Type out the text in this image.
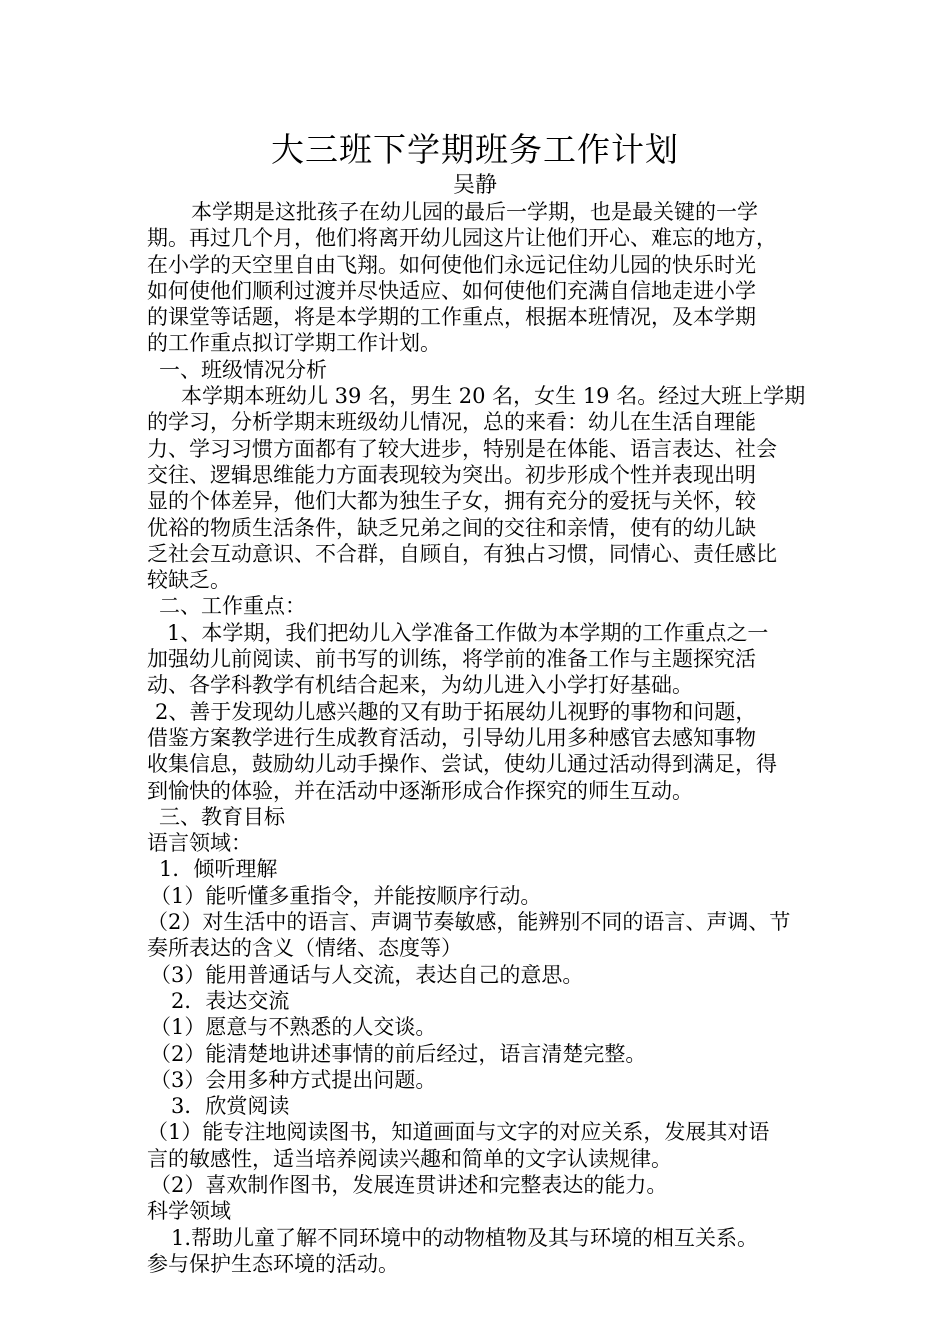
大三班下学期班务工作计划
吴静
本学期是这批孩子在幼儿园的最后一学期，也是最关键的一学
期。再过几个月，他们将离开幼儿园这片让他们开心、难忘的地方，
在小学的天空里自由飞翔。如何使他们永远记住幼儿园的快乐时光
如何使他们顺利过渡并尽快适应、如何使他们充满自信地走进小学
的课堂等话题，将是本学期的工作重点，根据本班情况，及本学期
的工作重点拟订学期工作计划。
一、班级情况分析
本学期本班幼儿 39 名，男生 20 名，女生 19 名。经过大班上学期
的学习，分析学期末班级幼儿情况，总的来看：幼儿在生活自理能
力、学习习惯方面都有了较大进步，特别是在体能、语言表达、社会
交往、逻辑思维能力方面表现较为突出。初步形成个性并表现出明
显的个体差异，他们大都为独生子女，拥有充分的爱抚与关怀，较
优裕的物质生活条件，缺乏兄弟之间的交往和亲情，使有的幼儿缺
乏社会互动意识、不合群，自顾自，有独占习惯，同情心、责任感比
较缺乏。
二、工作重点：
1、本学期，我们把幼儿入学准备工作做为本学期的工作重点之一
加强幼儿前阅读、前书写的训练，将学前的准备工作与主题探究活
动、各学科教学有机结合起来，为幼儿进入小学打好基础。
2、善于发现幼儿感兴趣的又有助于拓展幼儿视野的事物和问题，
借鉴方案教学进行生成教育活动，引导幼儿用多种感官去感知事物
收集信息，鼓励幼儿动手操作、尝试，使幼儿通过活动得到满足，得
到愉快的体验，并在活动中逐渐形成合作探究的师生互动。
三、教育目标
语言领域：
1．倾听理解
（1）能听懂多重指令，并能按顺序行动。
（2）对生活中的语言、声调节奏敏感，能辨别不同的语言、声调、节
奏所表达的含义（情绪、态度等）
（3）能用普通话与人交流，表达自己的意思。
2．表达交流
（1）愿意与不熟悉的人交谈。
（2）能清楚地讲述事情的前后经过，语言清楚完整。
（3）会用多种方式提出问题。
3．欣赏阅读
（1）能专注地阅读图书，知道画面与文字的对应关系，发展其对语
言的敏感性，适当培养阅读兴趣和简单的文字认读规律。
（2）喜欢制作图书，发展连贯讲述和完整表达的能力。
科学领域
1.帮助儿童了解不同环境中的动物植物及其与环境的相互关系。
参与保护生态环境的活动。
